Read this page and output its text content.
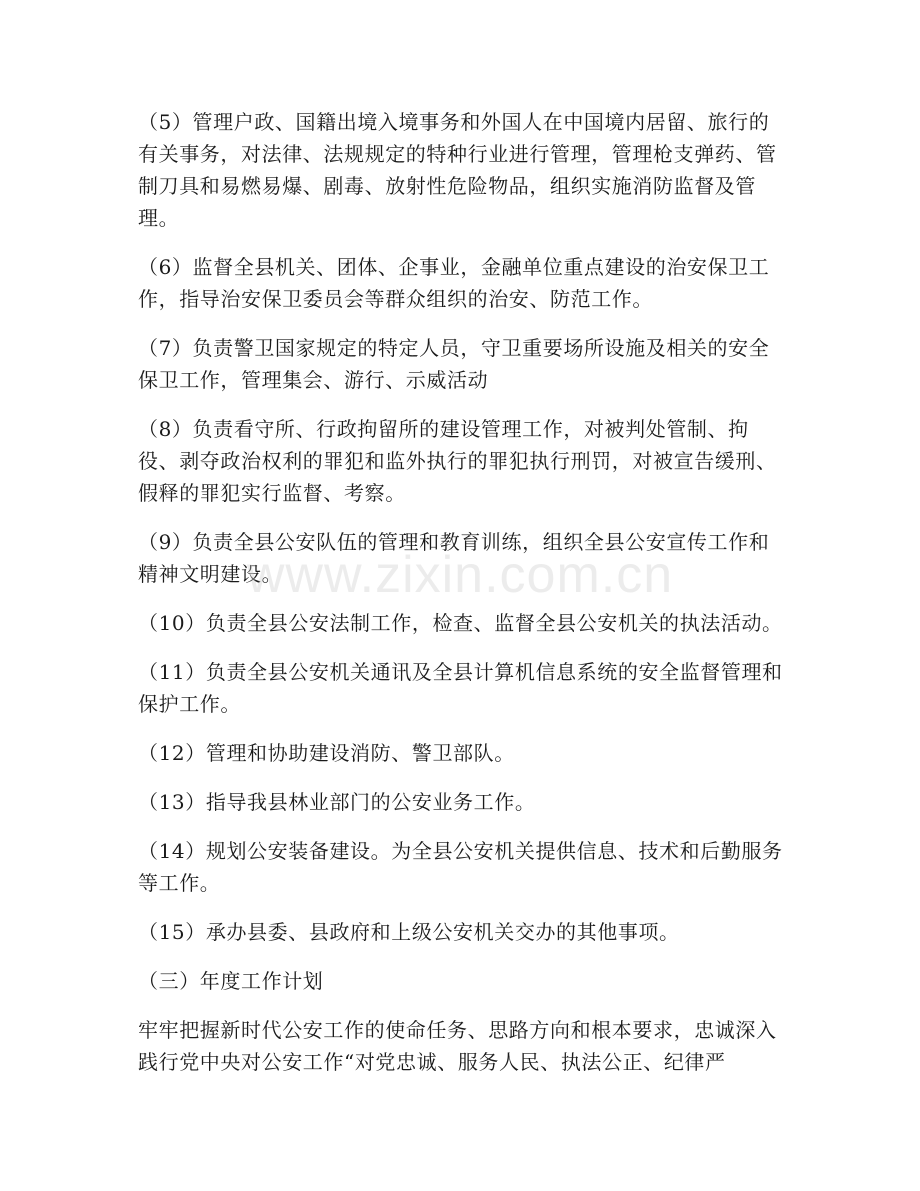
（5）管理户政、国籍出境入境事务和外国人在中国境内居留、旅行的有关事务，对法律、法规规定的特种行业进行管理，管理枪支弹药、管制刀具和易燃易爆、剧毒、放射性危险物品，组织实施消防监督及管理。

（6）监督全县机关、团体、企事业，金融单位重点建设的治安保卫工作，指导治安保卫委员会等群众组织的治安、防范工作。

（7）负责警卫国家规定的特定人员，守卫重要场所设施及相关的安全保卫工作，管理集会、游行、示威活动

（8）负责看守所、行政拘留所的建设管理工作，对被判处管制、拘役、剥夺政治权利的罪犯和监外执行的罪犯执行刑罚，对被宣告缓刑、假释的罪犯实行监督、考察。

（9）负责全县公安队伍的管理和教育训练，组织全县公安宣传工作和精神文明建设。

（10）负责全县公安法制工作，检查、监督全县公安机关的执法活动。

（11）负责全县公安机关通讯及全县计算机信息系统的安全监督管理和保护工作。

（12）管理和协助建设消防、警卫部队。

（13）指导我县林业部门的公安业务工作。

（14）规划公安装备建设。为全县公安机关提供信息、技术和后勤服务等工作。

（15）承办县委、县政府和上级公安机关交办的其他事项。

（三）年度工作计划

牢牢把握新时代公安工作的使命任务、思路方向和根本要求，忠诚深入践行党中央对公安工作“对党忠诚、服务人民、执法公正、纪律严

www.zixin.com.cn
